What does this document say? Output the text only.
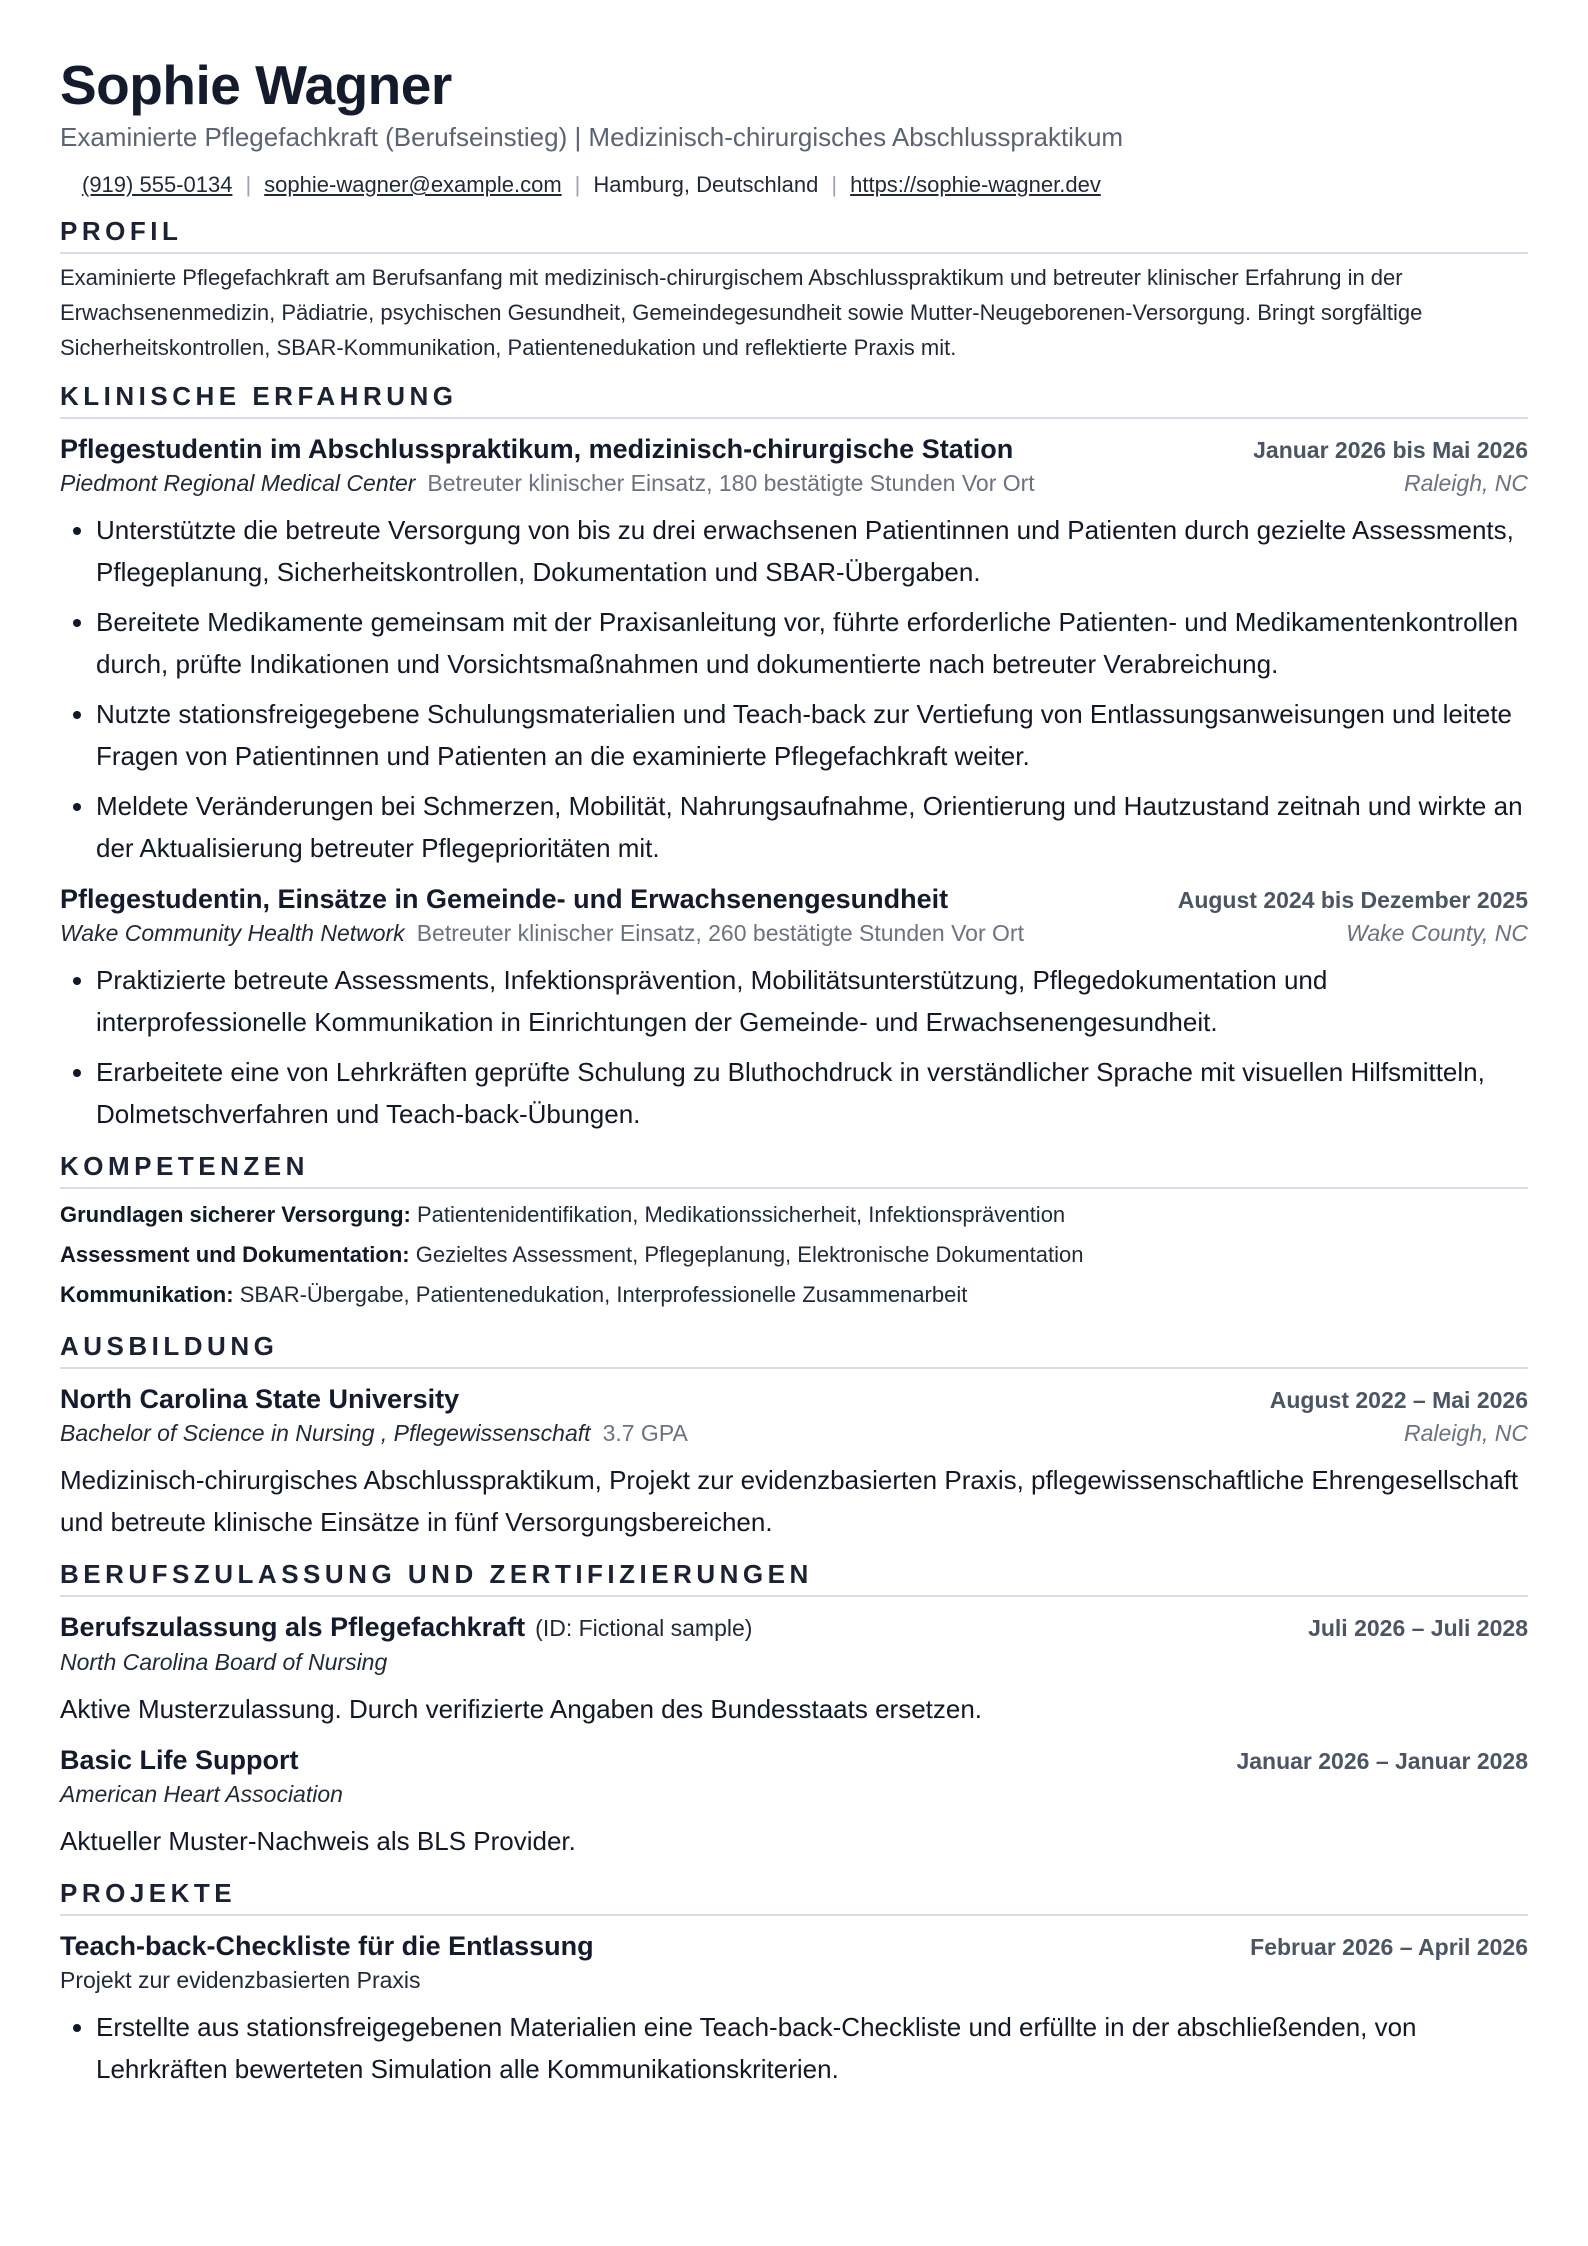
Sophie Wagner
Examinierte Pflegefachkraft (Berufseinstieg) | Medizinisch-chirurgisches Abschlusspraktikum
(919) 555-0134 | sophie-wagner@example.com | Hamburg, Deutschland | https://sophie-wagner.dev
PROFIL
Examinierte Pflegefachkraft am Berufsanfang mit medizinisch-chirurgischem Abschlusspraktikum und betreuter klinischer Erfahrung in der Erwachsenenmedizin, Pädiatrie, psychischen Gesundheit, Gemeindegesundheit sowie Mutter-Neugeborenen-Versorgung. Bringt sorgfältige Sicherheitskontrollen, SBAR-Kommunikation, Patientenedukation und reflektierte Praxis mit.
KLINISCHE ERFAHRUNG
Pflegestudentin im Abschlusspraktikum, medizinisch-chirurgische Station	Januar 2026 bis Mai 2026
Piedmont Regional Medical Center Betreuter klinischer Einsatz, 180 bestätigte Stunden Vor Ort	Raleigh, NC
• Unterstützte die betreute Versorgung von bis zu drei erwachsenen Patientinnen und Patienten durch gezielte Assessments, Pflegeplanung, Sicherheitskontrollen, Dokumentation und SBAR-Übergaben.
• Bereitete Medikamente gemeinsam mit der Praxisanleitung vor, führte erforderliche Patienten- und Medikamentenkontrollen durch, prüfte Indikationen und Vorsichtsmaßnahmen und dokumentierte nach betreuter Verabreichung.
• Nutzte stationsfreigegebene Schulungsmaterialien und Teach-back zur Vertiefung von Entlassungsanweisungen und leitete Fragen von Patientinnen und Patienten an die examinierte Pflegefachkraft weiter.
• Meldete Veränderungen bei Schmerzen, Mobilität, Nahrungsaufnahme, Orientierung und Hautzustand zeitnah und wirkte an der Aktualisierung betreuter Pflegeprioritäten mit.
Pflegestudentin, Einsätze in Gemeinde- und Erwachsenengesundheit	August 2024 bis Dezember 2025
Wake Community Health Network Betreuter klinischer Einsatz, 260 bestätigte Stunden Vor Ort	Wake County, NC
• Praktizierte betreute Assessments, Infektionsprävention, Mobilitätsunterstützung, Pflegedokumentation und interprofessionelle Kommunikation in Einrichtungen der Gemeinde- und Erwachsenengesundheit.
• Erarbeitete eine von Lehrkräften geprüfte Schulung zu Bluthochdruck in verständlicher Sprache mit visuellen Hilfsmitteln, Dolmetschverfahren und Teach-back-Übungen.
KOMPETENZEN
Grundlagen sicherer Versorgung: Patientenidentifikation, Medikationssicherheit, Infektionsprävention
Assessment und Dokumentation: Gezieltes Assessment, Pflegeplanung, Elektronische Dokumentation
Kommunikation: SBAR-Übergabe, Patientenedukation, Interprofessionelle Zusammenarbeit
AUSBILDUNG
North Carolina State University	August 2022 – Mai 2026
Bachelor of Science in Nursing , Pflegewissenschaft 3.7 GPA	Raleigh, NC
Medizinisch-chirurgisches Abschlusspraktikum, Projekt zur evidenzbasierten Praxis, pflegewissenschaftliche Ehrengesellschaft und betreute klinische Einsätze in fünf Versorgungsbereichen.
BERUFSZULASSUNG UND ZERTIFIZIERUNGEN
Berufszulassung als Pflegefachkraft (ID: Fictional sample)	Juli 2026 – Juli 2028
North Carolina Board of Nursing
Aktive Musterzulassung. Durch verifizierte Angaben des Bundesstaats ersetzen.
Basic Life Support	Januar 2026 – Januar 2028
American Heart Association
Aktueller Muster-Nachweis als BLS Provider.
PROJEKTE
Teach-back-Checkliste für die Entlassung	Februar 2026 – April 2026
Projekt zur evidenzbasierten Praxis
• Erstellte aus stationsfreigegebenen Materialien eine Teach-back-Checkliste und erfüllte in der abschließenden, von Lehrkräften bewerteten Simulation alle Kommunikationskriterien.
